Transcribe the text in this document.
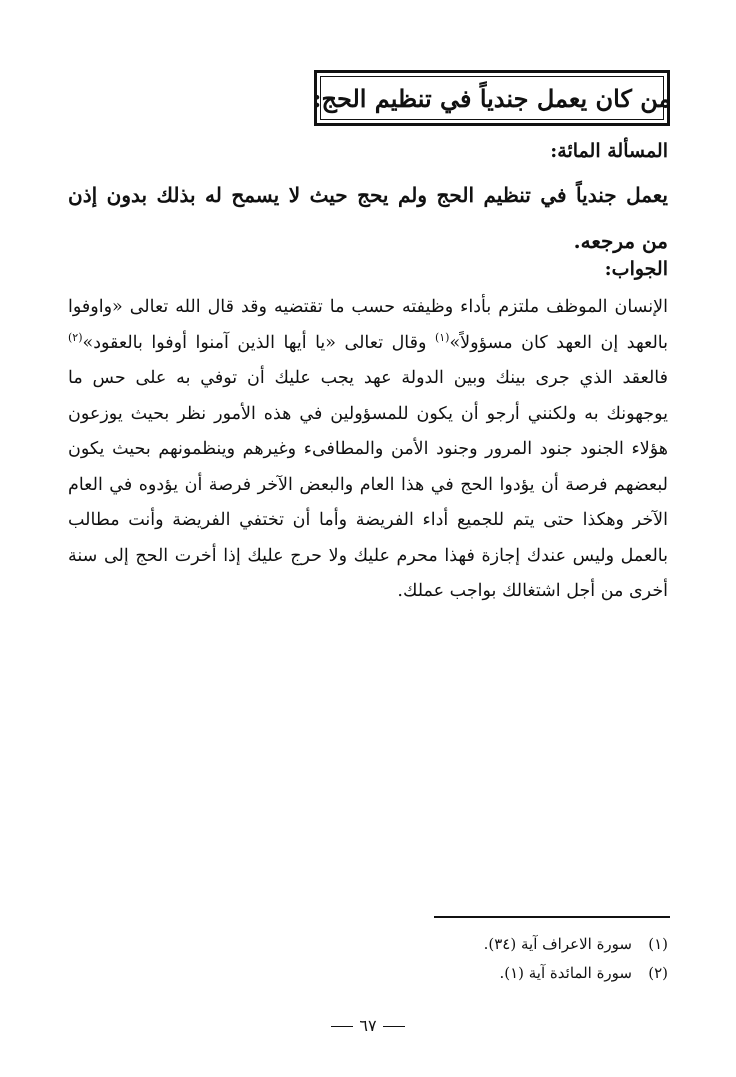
من كان يعمل جندياً في تنظيم الحج:
المسألة المائة:
يعمل جندياً في تنظيم الحج ولم يحج حيث لا يسمح له بذلك بدون إذن من مرجعه.
الجواب:
الإنسان الموظف ملتزم بأداء وظيفته حسب ما تقتضيه وقد قال الله تعالى «واوفوا بالعهد إن العهد كان مسؤولاً»$^{(١)}$ وقال تعالى «يا أيها الذين آمنوا أوفوا بالعقود»$^{(٢)}$ فالعقد الذي جرى بينك وبين الدولة عهد يجب عليك أن توفي به على حس ما يوجهونك به ولكنني أرجو أن يكون للمسؤولين في هذه الأمور نظر بحيث يوزعون هؤلاء الجنود جنود المرور وجنود الأمن والمطافىء وغيرهم وينظمونهم بحيث يكون لبعضهم فرصة أن يؤدوا الحج في هذا العام والبعض الآخر فرصة أن يؤدوه في العام الآخر وهكذا حتى يتم للجميع أداء الفريضة وأما أن تختفي الفريضة وأنت مطالب بالعمل وليس عندك إجازة فهذا محرم عليك ولا حرج عليك إذا أخرت الحج إلى سنة أخرى من أجل اشتغالك بواجب عملك.
(١)
سورة الاعراف آية (٣٤).
(٢)
سورة المائدة آية (١).
٦٧
